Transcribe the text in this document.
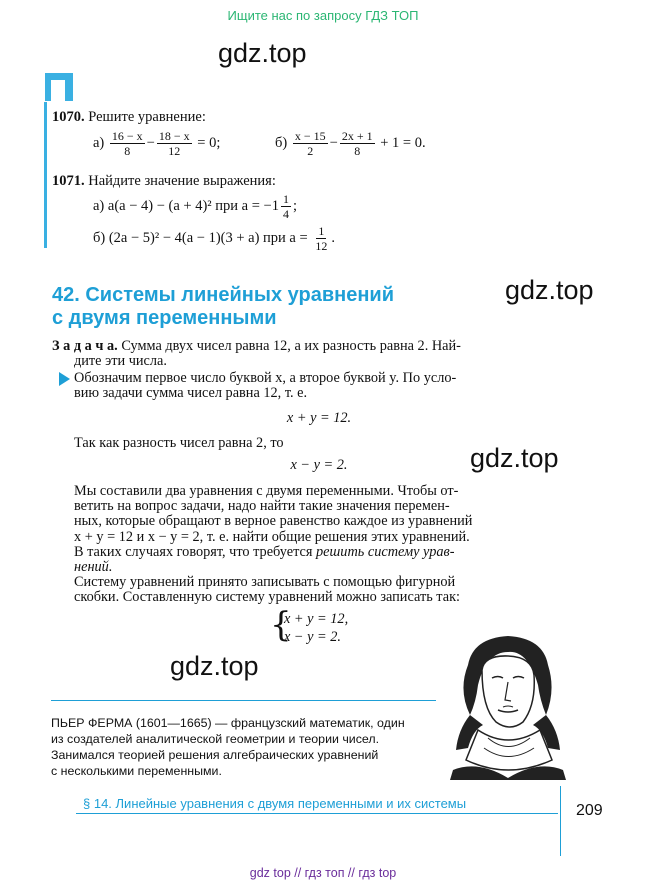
Ищите нас по запросу ГДЗ ТОП
gdz.top
gdz.top
gdz.top
gdz.top
1070. Решите уравнение:
а)
$\frac{16 - x}{8} - \frac{18 - x}{12}$
= 0;	б)
$\frac{x - 15}{2} - \frac{2x + 1}{8}$
+ 1 = 0.
1071. Найдите значение выражения:
а) a(a − 4) − (a + 4)² при $a = -1 \frac{1}{4}$ ;
б) (2a − 5)² − 4(a − 1)(3 + a) при a =
$\frac{1}{12}$ .
42. Системы линейных уравнений
с двумя переменными
З а д а ч а. Сумма двух чисел равна 12, а их разность равна 2. Най-
дите эти числа.
Обозначим первое число буквой x, а второе буквой y. По усло-
вию задачи сумма чисел равна 12, т. е.
x + y = 12.
Так как разность чисел равна 2, то
x − y = 2.
Мы составили два уравнения с двумя переменными. Чтобы от-
ветить на вопрос задачи, надо найти такие значения перемен-
ных, которые обращают в верное равенство каждое из уравнений
x + y = 12 и x − y = 2, т. е. найти общие решения этих уравнений.
В таких случаях говорят, что требуется решить систему урав-
нений.
Систему уравнений принято записывать с помощью фигурной
скобки. Составленную систему уравнений можно записать так:
{
x + y = 12,
x − y = 2.
ПЬЕР ФЕРМА (1601—1665) — французский математик, один
из создателей аналитической геометрии и теории чисел.
Занимался теорией решения алгебраических уравнений
с несколькими переменными.
§ 14. Линейные уравнения с двумя переменными и их системы	209
gdz top // гдз топ // гдз top
